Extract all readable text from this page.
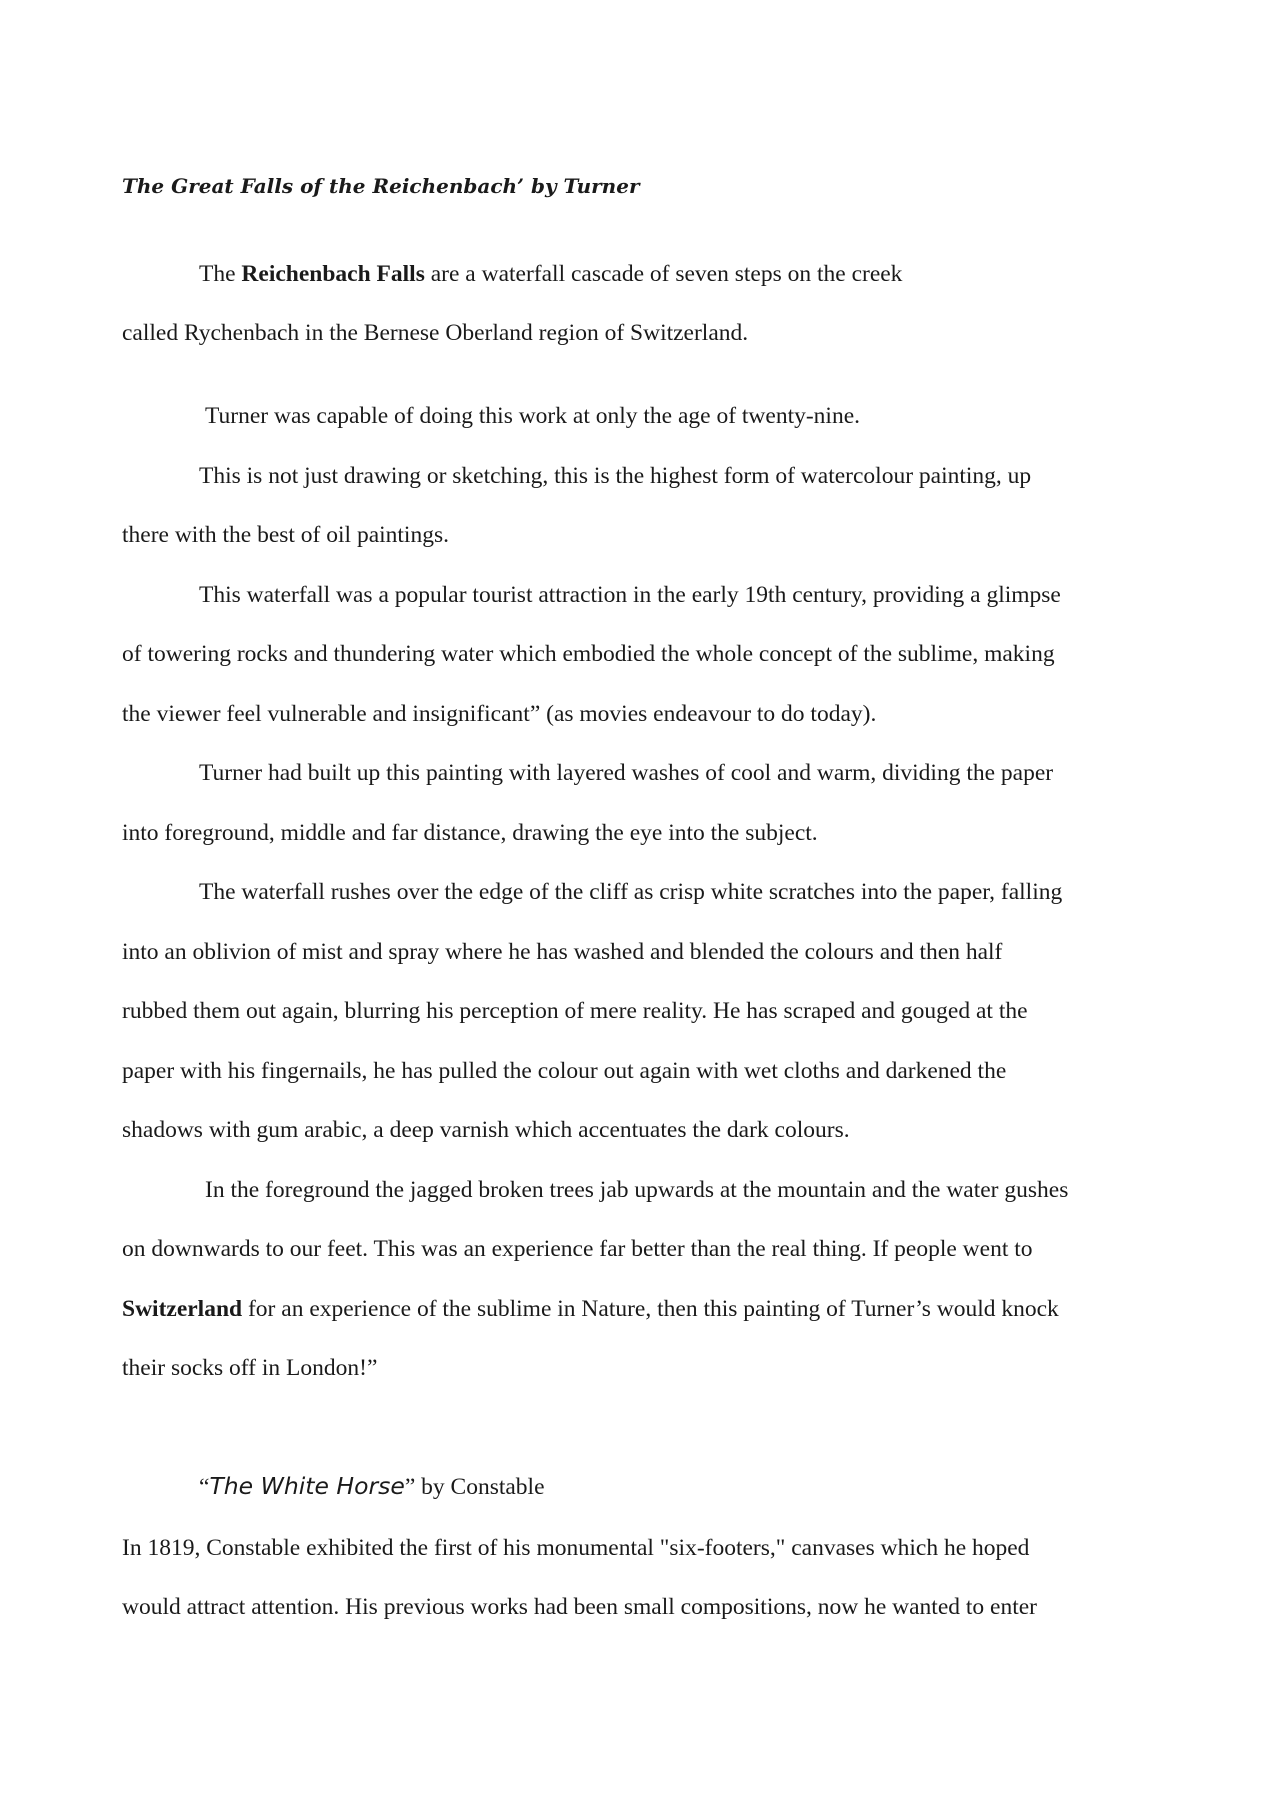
The Great Falls of the Reichenbach’ by Turner
The Reichenbach Falls are a waterfall cascade of seven steps on the creek
called Rychenbach in the Bernese Oberland region of Switzerland.
Turner was capable of doing this work at only the age of twenty-nine.
This is not just drawing or sketching, this is the highest form of watercolour painting, up
there with the best of oil paintings.
This waterfall was a popular tourist attraction in the early 19th century, providing a glimpse
of towering rocks and thundering water which embodied the whole concept of the sublime, making
the viewer feel vulnerable and insignificant” (as movies endeavour to do today).
Turner had built up this painting with layered washes of cool and warm, dividing the paper
into foreground, middle and far distance, drawing the eye into the subject.
The waterfall rushes over the edge of the cliff as crisp white scratches into the paper, falling
into an oblivion of mist and spray where he has washed and blended the colours and then half
rubbed them out again, blurring his perception of mere reality. He has scraped and gouged at the
paper with his fingernails, he has pulled the colour out again with wet cloths and darkened the
shadows with gum arabic, a deep varnish which accentuates the dark colours.
In the foreground the jagged broken trees jab upwards at the mountain and the water gushes
on downwards to our feet. This was an experience far better than the real thing. If people went to
Switzerland for an experience of the sublime in Nature, then this painting of Turner’s would knock
their socks off in London!”
“The White Horse” by Constable
In 1819, Constable exhibited the first of his monumental "six-footers," canvases which he hoped
would attract attention. His previous works had been small compositions, now he wanted to enter
